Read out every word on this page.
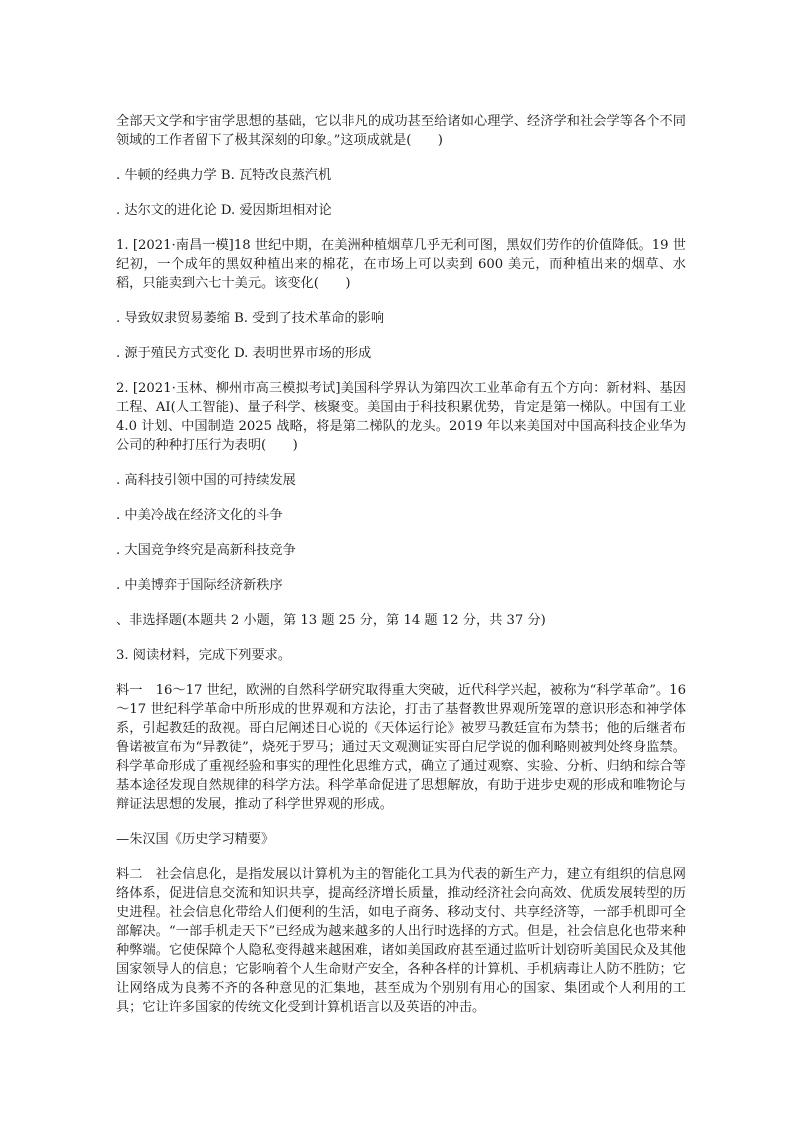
全部天文学和宇宙学思想的基础，它以非凡的成功甚至给诸如心理学、经济学和社会学等各个不同领域的工作者留下了极其深刻的印象。”这项成就是(　　)

. 牛顿的经典力学 B. 瓦特改良蒸汽机

. 达尔文的进化论 D. 爱因斯坦相对论

1. [2021·南昌一模]18 世纪中期，在美洲种植烟草几乎无利可图，黑奴们劳作的价值降低。19 世纪初，一个成年的黑奴种植出来的棉花，在市场上可以卖到 600 美元，而种植出来的烟草、水稻，只能卖到六七十美元。该变化(　　)

. 导致奴隶贸易萎缩 B. 受到了技术革命的影响

. 源于殖民方式变化 D. 表明世界市场的形成

2. [2021·玉林、柳州市高三模拟考试]美国科学界认为第四次工业革命有五个方向：新材料、基因工程、AI(人工智能)、量子科学、核聚变。美国由于科技积累优势，肯定是第一梯队。中国有工业 4.0 计划、中国制造 2025 战略，将是第二梯队的龙头。2019 年以来美国对中国高科技企业华为公司的种种打压行为表明(　　)

. 高科技引领中国的可持续发展

. 中美冷战在经济文化的斗争

. 大国竞争终究是高新科技竞争

. 中美博弈于国际经济新秩序

、非选择题(本题共 2 小题，第 13 题 25 分，第 14 题 12 分，共 37 分)

3. 阅读材料，完成下列要求。

料一　16～17 世纪，欧洲的自然科学研究取得重大突破，近代科学兴起，被称为“科学革命”。16～17 世纪科学革命中所形成的世界观和方法论，打击了基督教世界观所笼罩的意识形态和神学体系，引起教廷的敌视。哥白尼阐述日心说的《天体运行论》被罗马教廷宣布为禁书；他的后继者布鲁诺被宣布为“异教徒”，烧死于罗马；通过天文观测证实哥白尼学说的伽利略则被判处终身监禁。科学革命形成了重视经验和事实的理性化思维方式，确立了通过观察、实验、分析、归纳和综合等基本途径发现自然规律的科学方法。科学革命促进了思想解放，有助于进步史观的形成和唯物论与辩证法思想的发展，推动了科学世界观的形成。

—朱汉国《历史学习精要》

料二　社会信息化，是指发展以计算机为主的智能化工具为代表的新生产力，建立有组织的信息网络体系，促进信息交流和知识共享，提高经济增长质量，推动经济社会向高效、优质发展转型的历史进程。社会信息化带给人们便利的生活，如电子商务、移动支付、共享经济等，一部手机即可全部解决。“一部手机走天下”已经成为越来越多的人出行时选择的方式。但是，社会信息化也带来种种弊端。它使保障个人隐私变得越来越困难，诸如美国政府甚至通过监听计划窃听美国民众及其他国家领导人的信息；它影响着个人生命财产安全，各种各样的计算机、手机病毒让人防不胜防；它让网络成为良莠不齐的各种意见的汇集地，甚至成为个别别有用心的国家、集团或个人利用的工具；它让许多国家的传统文化受到计算机语言以及英语的冲击。
